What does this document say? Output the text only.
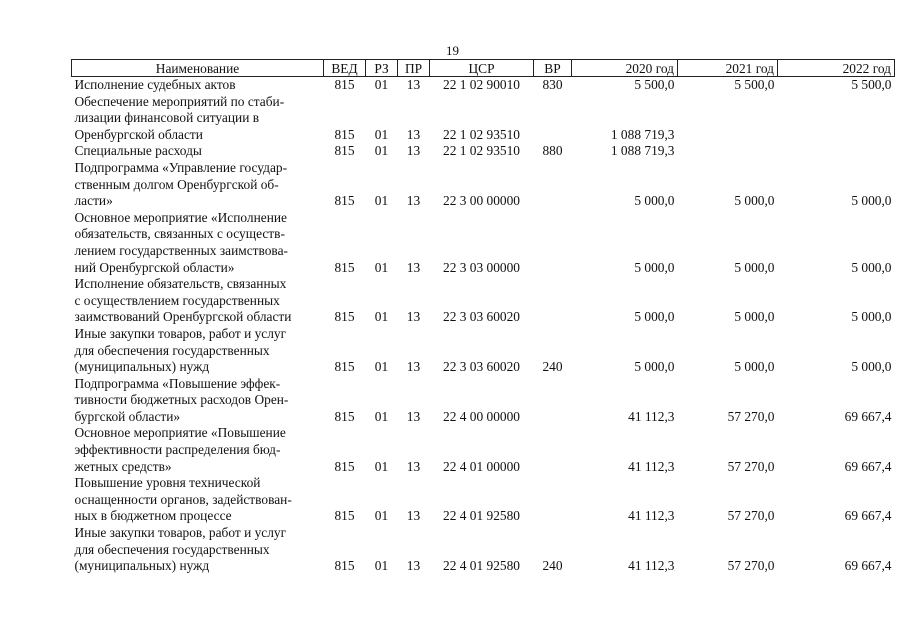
19
Наименование	ВЕД	РЗ	ПР	ЦСР	ВР	2020 год	2021 год	2022 год

Исполнение судебных актов	815	01	13	22 1 02 90010	830	5 500,0	5 500,0	5 500,0

Обеспечение мероприятий по стаби-
лизации финансовой ситуации в
Оренбургской области	815	01	13	22 1 02 93510		1 088 719,3		

Специальные расходы	815	01	13	22 1 02 93510	880	1 088 719,3		

Подпрограмма «Управление государ-
ственным долгом Оренбургской об-
ласти»	815	01	13	22 3 00 00000		5 000,0	5 000,0	5 000,0

Основное мероприятие «Исполнение
обязательств, связанных с осуществ-
лением государственных заимствова-
ний Оренбургской области»	815	01	13	22 3 03 00000		5 000,0	5 000,0	5 000,0

Исполнение обязательств, связанных
с осуществлением государственных
заимствований Оренбургской области	815	01	13	22 3 03 60020		5 000,0	5 000,0	5 000,0

Иные закупки товаров, работ и услуг
для обеспечения государственных
(муниципальных) нужд	815	01	13	22 3 03 60020	240	5 000,0	5 000,0	5 000,0

Подпрограмма «Повышение эффек-
тивности бюджетных расходов Орен-
бургской области»	815	01	13	22 4 00 00000		41 112,3	57 270,0	69 667,4

Основное мероприятие «Повышение
эффективности распределения бюд-
жетных средств»	815	01	13	22 4 01 00000		41 112,3	57 270,0	69 667,4

Повышение уровня технической
оснащенности органов, задействован-
ных в бюджетном процессе	815	01	13	22 4 01 92580		41 112,3	57 270,0	69 667,4

Иные закупки товаров, работ и услуг
для обеспечения государственных
(муниципальных) нужд	815	01	13	22 4 01 92580	240	41 112,3	57 270,0	69 667,4
